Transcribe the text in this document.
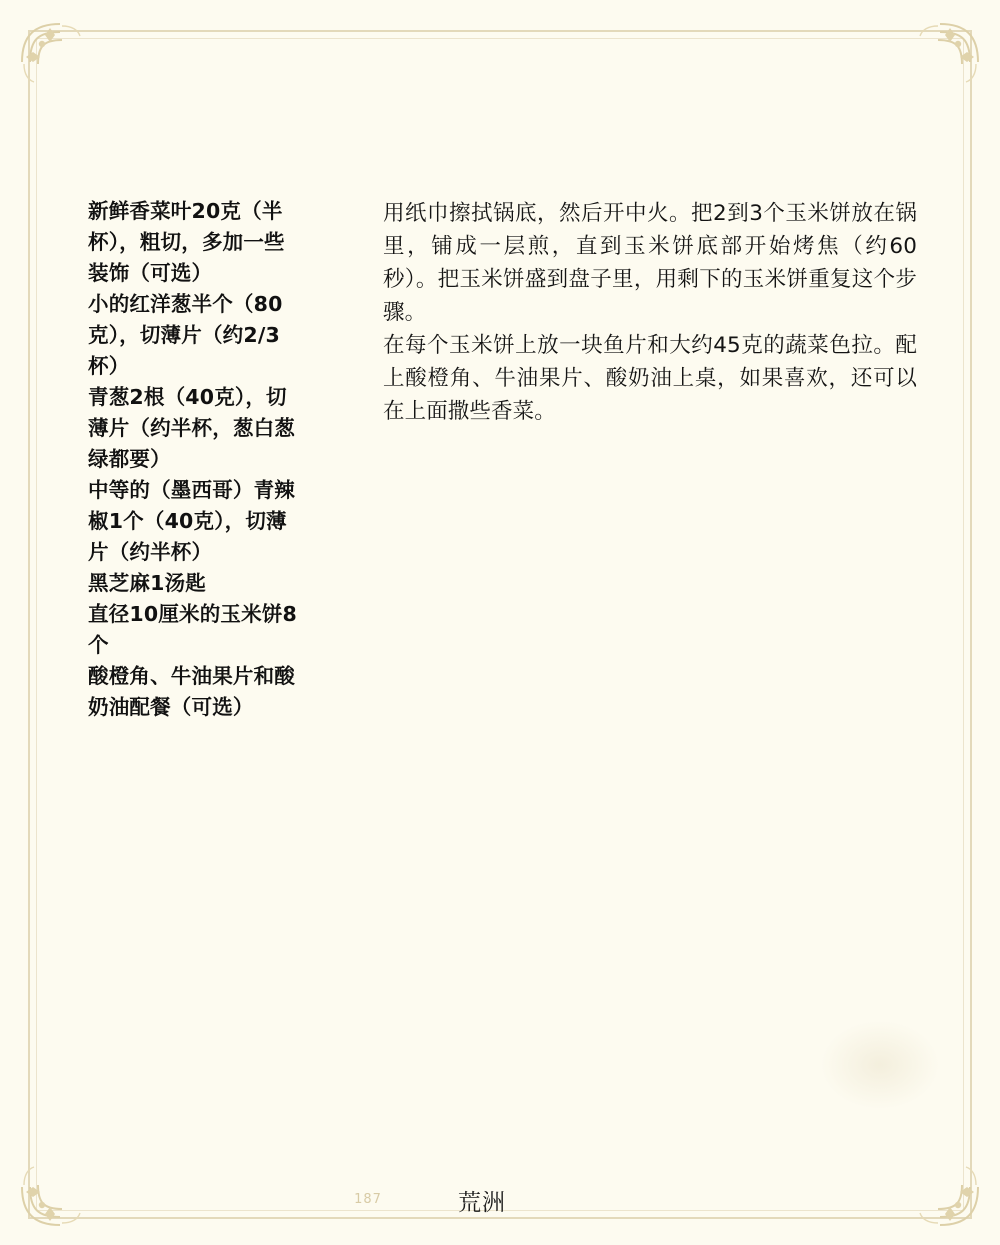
新鲜香菜叶20克（半
杯），粗切，多加一些
装饰（可选）
小的红洋葱半个（80
克），切薄片（约2/3
杯）
青葱2根（40克），切
薄片（约半杯，葱白葱
绿都要）
中等的（墨西哥）青辣
椒1个（40克），切薄
片（约半杯）
黑芝麻1汤匙
直径10厘米的玉米饼8
个
酸橙角、牛油果片和酸
奶油配餐（可选）

用纸巾擦拭锅底，然后开中火。把2到3个玉米饼放在锅里，铺成一层煎，直到玉米饼底部开始烤焦（约60秒）。把玉米饼盛到盘子里，用剩下的玉米饼重复这个步骤。

在每个玉米饼上放一块鱼片和大约45克的蔬菜色拉。配上酸橙角、牛油果片、酸奶油上桌，如果喜欢，还可以在上面撒些香菜。

187	荒洲
